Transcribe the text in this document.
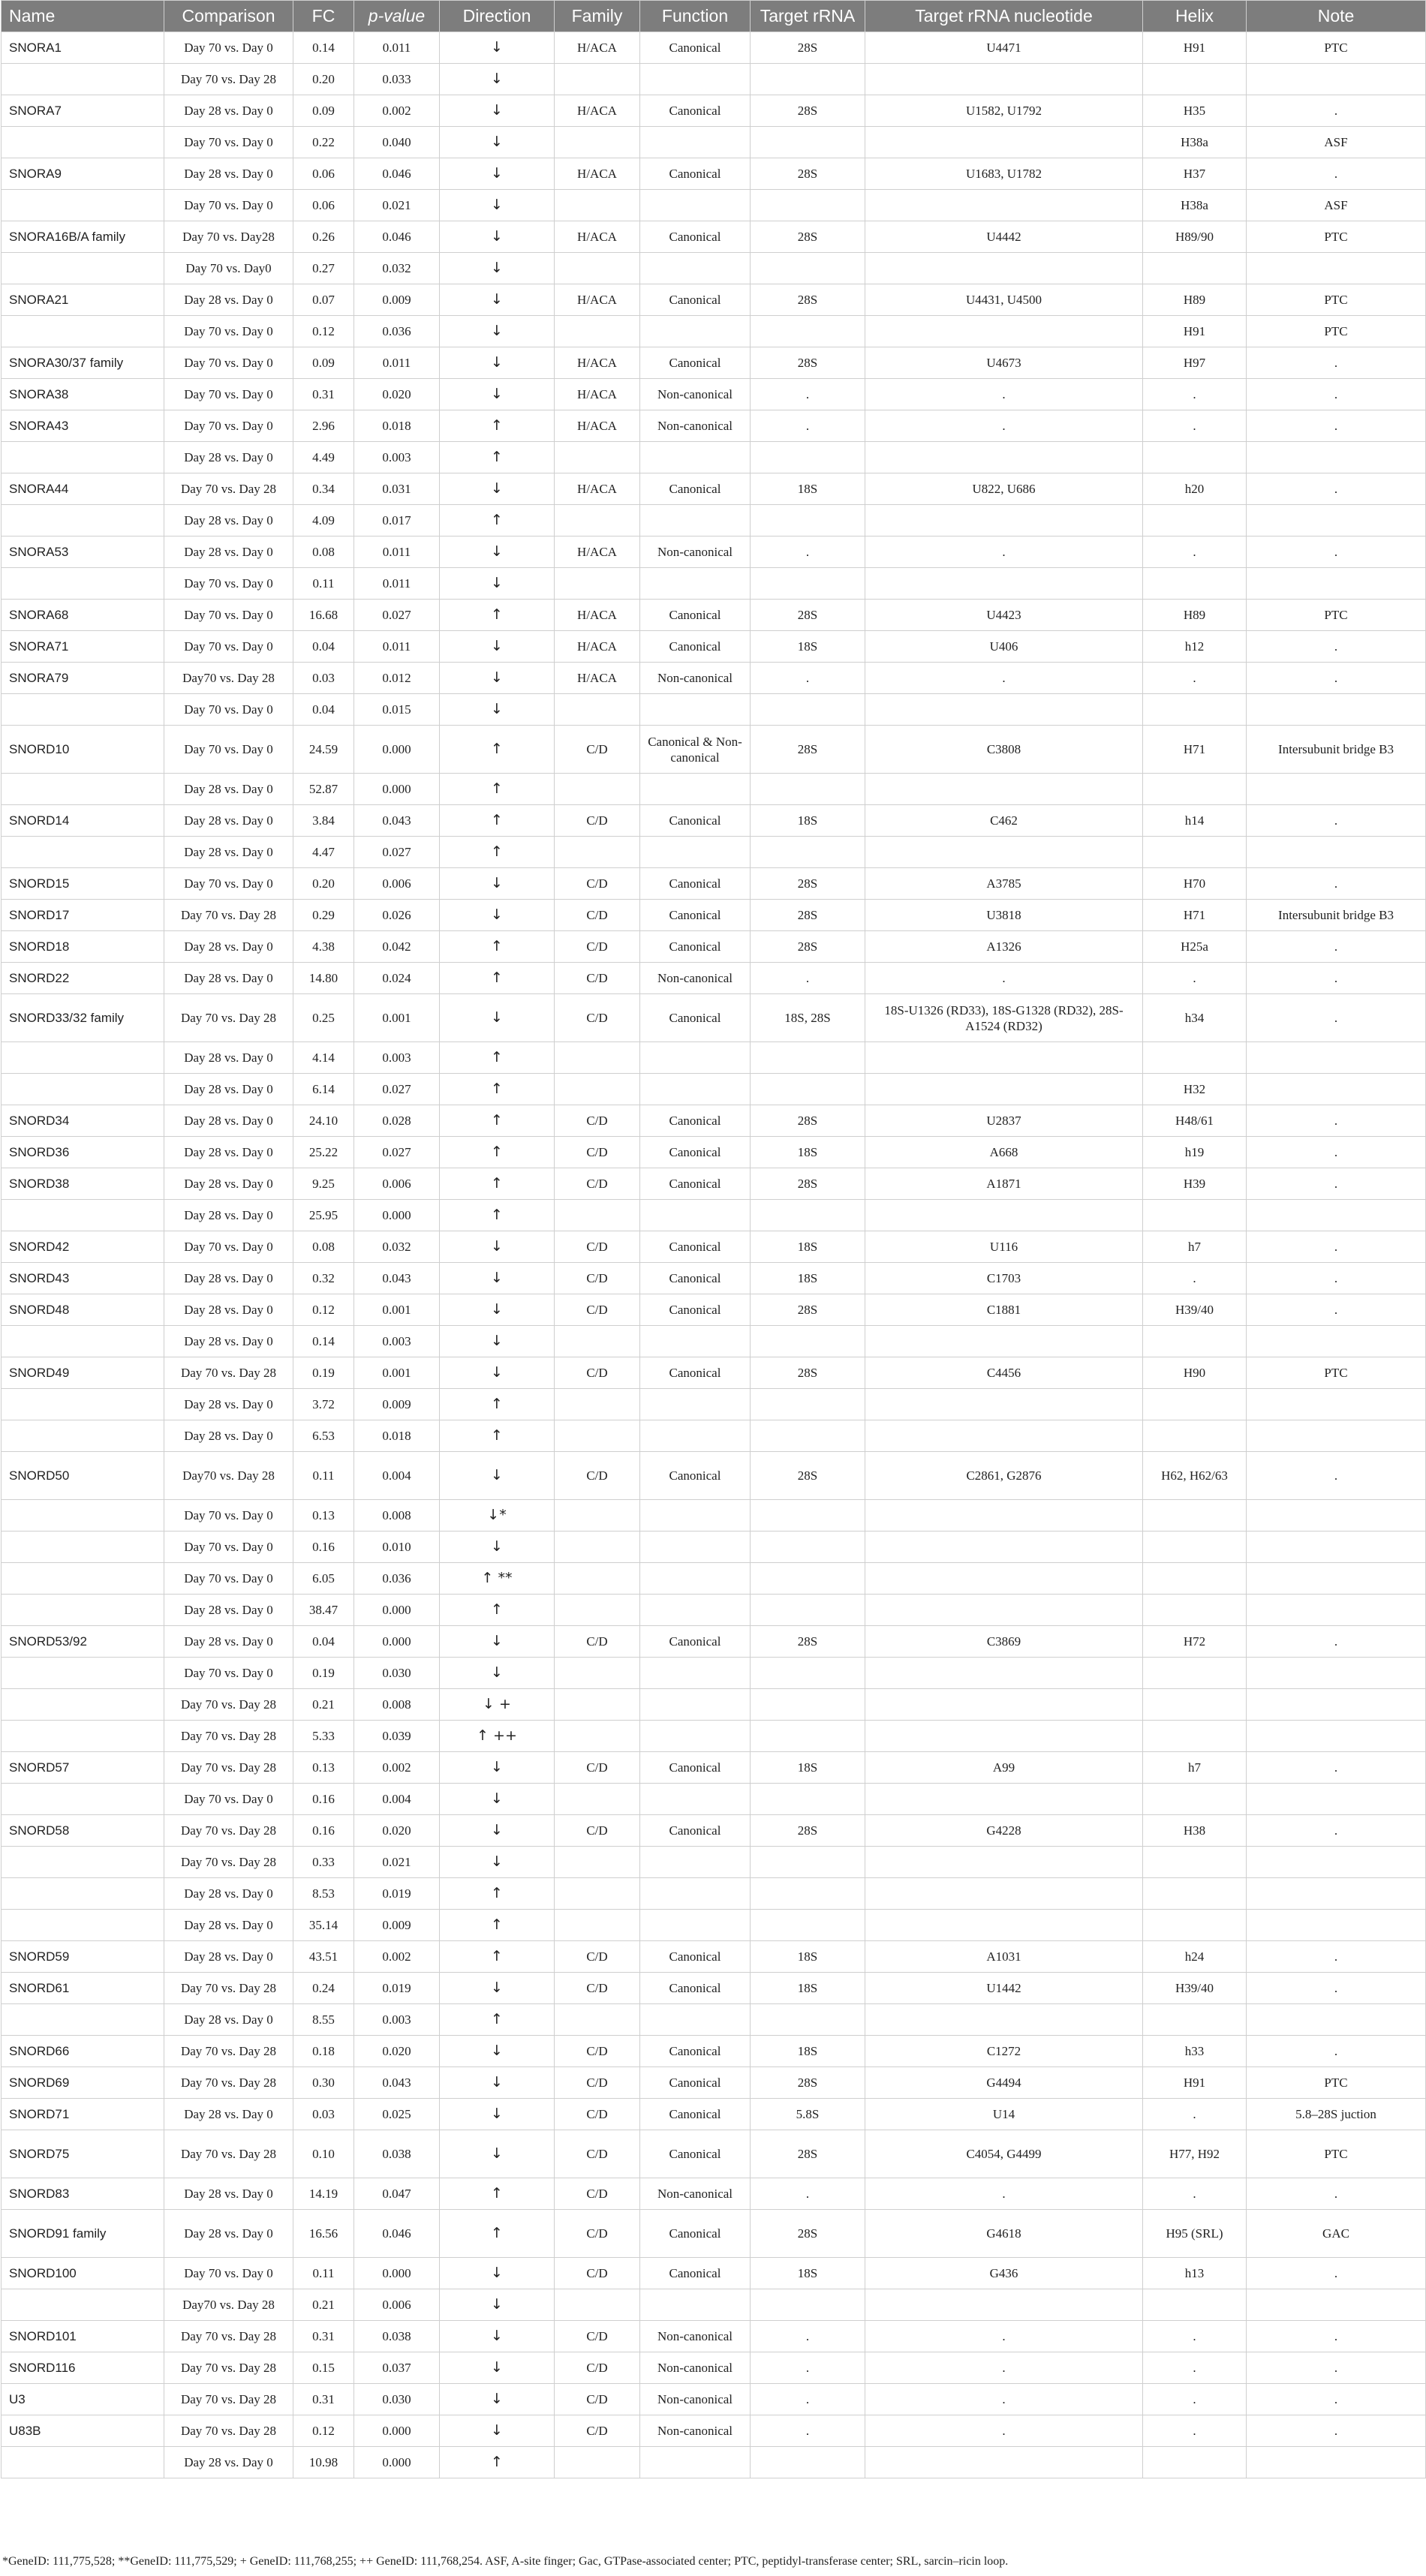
Name	Comparison	FC	p-value	Direction	Family	Function	Target rRNA	Target rRNA nucleotide	Helix	Note
SNORA1	Day 70 vs. Day 0	0.14	0.011	↓	H/ACA	Canonical	28S	U4471	H91	PTC
	Day 70 vs. Day 28	0.20	0.033	↓						
SNORA7	Day 28 vs. Day 0	0.09	0.002	↓	H/ACA	Canonical	28S	U1582, U1792	H35	.
	Day 70 vs. Day 0	0.22	0.040	↓					H38a	ASF
SNORA9	Day 28 vs. Day 0	0.06	0.046	↓	H/ACA	Canonical	28S	U1683, U1782	H37	.
	Day 70 vs. Day 0	0.06	0.021	↓					H38a	ASF
SNORA16B/A family	Day 70 vs. Day28	0.26	0.046	↓	H/ACA	Canonical	28S	U4442	H89/90	PTC
	Day 70 vs. Day0	0.27	0.032	↓						
SNORA21	Day 28 vs. Day 0	0.07	0.009	↓	H/ACA	Canonical	28S	U4431, U4500	H89	PTC
	Day 70 vs. Day 0	0.12	0.036	↓					H91	PTC
SNORA30/37 family	Day 70 vs. Day 0	0.09	0.011	↓	H/ACA	Canonical	28S	U4673	H97	.
SNORA38	Day 70 vs. Day 0	0.31	0.020	↓	H/ACA	Non-canonical	.	.	.	.
SNORA43	Day 70 vs. Day 0	2.96	0.018	↑	H/ACA	Non-canonical	.	.	.	.
	Day 28 vs. Day 0	4.49	0.003	↑						
SNORA44	Day 70 vs. Day 28	0.34	0.031	↓	H/ACA	Canonical	18S	U822, U686	h20	.
	Day 28 vs. Day 0	4.09	0.017	↑						
SNORA53	Day 28 vs. Day 0	0.08	0.011	↓	H/ACA	Non-canonical	.	.	.	.
	Day 70 vs. Day 0	0.11	0.011	↓						
SNORA68	Day 70 vs. Day 0	16.68	0.027	↑	H/ACA	Canonical	28S	U4423	H89	PTC
SNORA71	Day 70 vs. Day 0	0.04	0.011	↓	H/ACA	Canonical	18S	U406	h12	.
SNORA79	Day70 vs. Day 28	0.03	0.012	↓	H/ACA	Non-canonical	.	.	.	.
	Day 70 vs. Day 0	0.04	0.015	↓						
SNORD10	Day 70 vs. Day 0	24.59	0.000	↑	C/D	Canonical & Non-canonical	28S	C3808	H71	Intersubunit bridge B3
	Day 28 vs. Day 0	52.87	0.000	↑						
SNORD14	Day 28 vs. Day 0	3.84	0.043	↑	C/D	Canonical	18S	C462	h14	.
	Day 28 vs. Day 0	4.47	0.027	↑						
SNORD15	Day 70 vs. Day 0	0.20	0.006	↓	C/D	Canonical	28S	A3785	H70	.
SNORD17	Day 70 vs. Day 28	0.29	0.026	↓	C/D	Canonical	28S	U3818	H71	Intersubunit bridge B3
SNORD18	Day 28 vs. Day 0	4.38	0.042	↑	C/D	Canonical	28S	A1326	H25a	.
SNORD22	Day 28 vs. Day 0	14.80	0.024	↑	C/D	Non-canonical	.	.	.	.
SNORD33/32 family	Day 70 vs. Day 28	0.25	0.001	↓	C/D	Canonical	18S, 28S	18S-U1326 (RD33), 18S-G1328 (RD32), 28S-A1524 (RD32)	h34	.
	Day 28 vs. Day 0	4.14	0.003	↑						
	Day 28 vs. Day 0	6.14	0.027	↑					H32	
SNORD34	Day 28 vs. Day 0	24.10	0.028	↑	C/D	Canonical	28S	U2837	H48/61	.
SNORD36	Day 28 vs. Day 0	25.22	0.027	↑	C/D	Canonical	18S	A668	h19	.
SNORD38	Day 28 vs. Day 0	9.25	0.006	↑	C/D	Canonical	28S	A1871	H39	.
	Day 28 vs. Day 0	25.95	0.000	↑						
SNORD42	Day 70 vs. Day 0	0.08	0.032	↓	C/D	Canonical	18S	U116	h7	.
SNORD43	Day 28 vs. Day 0	0.32	0.043	↓	C/D	Canonical	18S	C1703	.	.
SNORD48	Day 28 vs. Day 0	0.12	0.001	↓	C/D	Canonical	28S	C1881	H39/40	.
	Day 28 vs. Day 0	0.14	0.003	↓						
SNORD49	Day 70 vs. Day 28	0.19	0.001	↓	C/D	Canonical	28S	C4456	H90	PTC
	Day 28 vs. Day 0	3.72	0.009	↑						
	Day 28 vs. Day 0	6.53	0.018	↑						
SNORD50	Day70 vs. Day 28	0.11	0.004	↓	C/D	Canonical	28S	C2861, G2876	H62, H62/63	.
	Day 70 vs. Day 0	0.13	0.008	↓*						
	Day 70 vs. Day 0	0.16	0.010	↓						
	Day 70 vs. Day 0	6.05	0.036	↑ **						
	Day 28 vs. Day 0	38.47	0.000	↑						
SNORD53/92	Day 28 vs. Day 0	0.04	0.000	↓	C/D	Canonical	28S	C3869	H72	.
	Day 70 vs. Day 0	0.19	0.030	↓						
	Day 70 vs. Day 28	0.21	0.008	↓ +						
	Day 70 vs. Day 28	5.33	0.039	↑ ++						
SNORD57	Day 70 vs. Day 28	0.13	0.002	↓	C/D	Canonical	18S	A99	h7	.
	Day 70 vs. Day 0	0.16	0.004	↓						
SNORD58	Day 70 vs. Day 28	0.16	0.020	↓	C/D	Canonical	28S	G4228	H38	.
	Day 70 vs. Day 28	0.33	0.021	↓						
	Day 28 vs. Day 0	8.53	0.019	↑						
	Day 28 vs. Day 0	35.14	0.009	↑						
SNORD59	Day 28 vs. Day 0	43.51	0.002	↑	C/D	Canonical	18S	A1031	h24	.
SNORD61	Day 70 vs. Day 28	0.24	0.019	↓	C/D	Canonical	18S	U1442	H39/40	.
	Day 28 vs. Day 0	8.55	0.003	↑						
SNORD66	Day 70 vs. Day 28	0.18	0.020	↓	C/D	Canonical	18S	C1272	h33	.
SNORD69	Day 70 vs. Day 28	0.30	0.043	↓	C/D	Canonical	28S	G4494	H91	PTC
SNORD71	Day 28 vs. Day 0	0.03	0.025	↓	C/D	Canonical	5.8S	U14	.	5.8–28S juction
SNORD75	Day 70 vs. Day 28	0.10	0.038	↓	C/D	Canonical	28S	C4054, G4499	H77, H92	PTC
SNORD83	Day 28 vs. Day 0	14.19	0.047	↑	C/D	Non-canonical	.	.	.	.
SNORD91 family	Day 28 vs. Day 0	16.56	0.046	↑	C/D	Canonical	28S	G4618	H95 (SRL)	GAC
SNORD100	Day 70 vs. Day 0	0.11	0.000	↓	C/D	Canonical	18S	G436	h13	.
	Day70 vs. Day 28	0.21	0.006	↓						
SNORD101	Day 70 vs. Day 28	0.31	0.038	↓	C/D	Non-canonical	.	.	.	.
SNORD116	Day 70 vs. Day 28	0.15	0.037	↓	C/D	Non-canonical	.	.	.	.
U3	Day 70 vs. Day 28	0.31	0.030	↓	C/D	Non-canonical	.	.	.	.
U83B	Day 70 vs. Day 28	0.12	0.000	↓	C/D	Non-canonical	.	.	.	.
	Day 28 vs. Day 0	10.98	0.000	↑						
*GeneID: 111,775,528; **GeneID: 111,775,529; + GeneID: 111,768,255; ++ GeneID: 111,768,254. ASF, A-site finger; Gac, GTPase-associated center; PTC, peptidyl-transferase center; SRL, sarcin–ricin loop.
